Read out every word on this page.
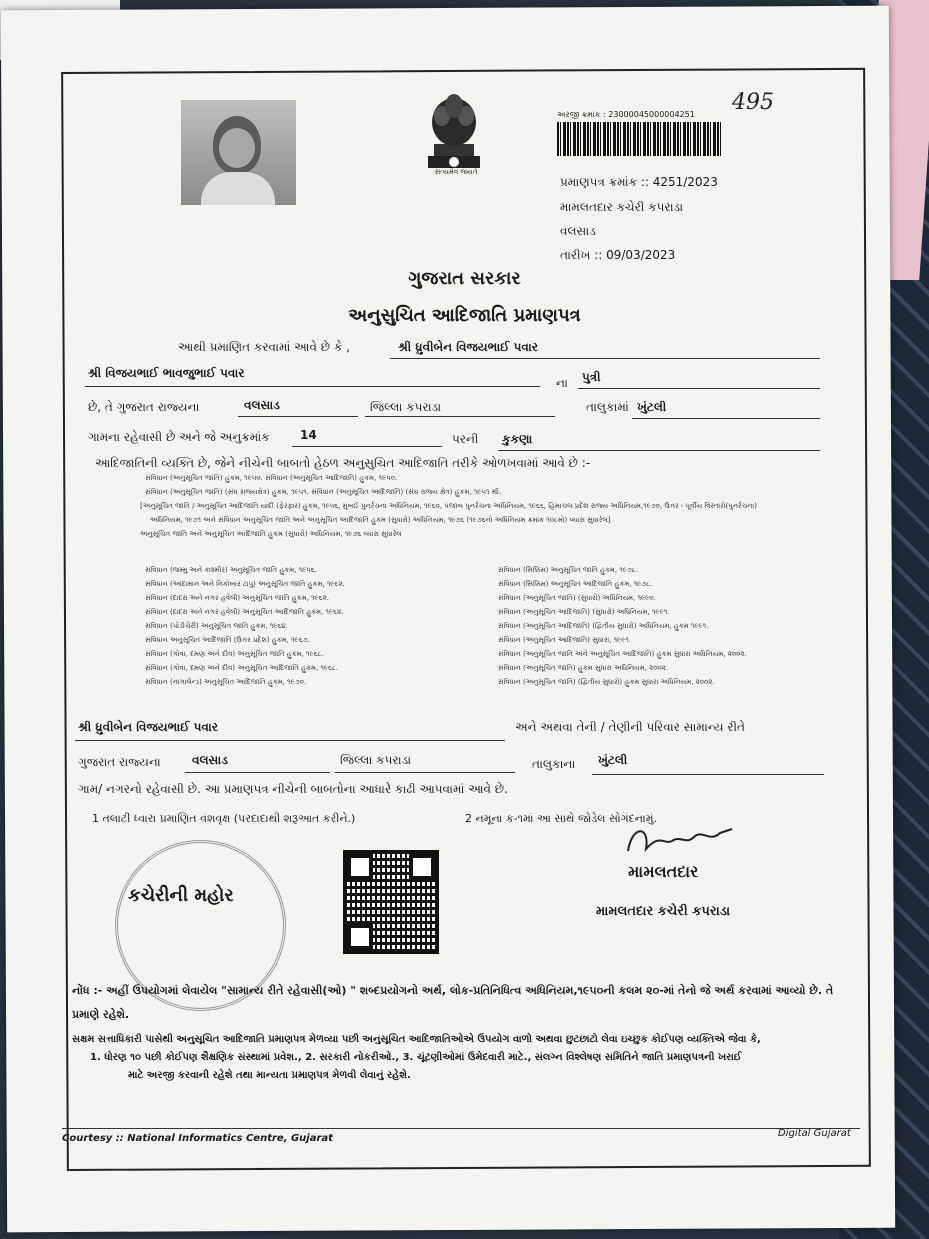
સત્યમેવ જયતે
495
અરજી ક્રમાંક : 23000045000004251
પ્રમાણપત્ર ક્રમાંક :: 4251/2023
મામલતદાર કચેરી કપરાડા
વલસાડ
તારીખ :: 09/03/2023
ગુજરાત સરકાર
અનુસુચિત આદિજાતિ પ્રમાણપત્ર
આથી પ્રમાણિત કરવામાં આવે છે કે ,	શ્રી ધ્રુવીબેન વિજયભાઈ પવાર
શ્રી વિજયભાઈ ભાવજુભાઈ પવાર
ના પુત્રી
છે, તે ગુજરાત રાજ્યના	વલસાડ	જિલ્લા કપરાડા	તાલુકામાં ખુંટલી
ગામના રહેવાસી છે અને જે અનુક્રમાંક	14	પરની કુકણા
આદિજાતિની વ્યક્તિ છે, જેને નીચેની બાબતો હેઠળ અનુસુચિત આદિજાતિ તરીકે ઓળખવામાં આવે છે :-
સંવિધાન (અનુસૂચિત જાતિ) હુકમ, ૧૯૫૦. સંવિધાન (અનુસૂચિત આદિજાતિ) હુકમ, ૧૯૫૦.
સંવિધાન (અનુસૂચિત જાતિ) (સંઘ રાજ્યક્ષેત્ર) હુકમ, ૧૯૫૧. સંવિધાન (અનુસૂચિત આદિજાતિ) (સંઘ રાજ્ય ક્ષેત્ર) હુકમ, ૧૯૫૧ થી.
[અનુસૂચિત જાતિ / અનુસૂચિત આદિજાતિ યાદી (ફેરફાર) હુકમ, ૧૯૫૬, મુંબઈ પુનર્રચના અધિનિયમ, ૧૯૬૦, પંજાબ પુનર્રચના અધિનિયમ, ૧૯૬૬, હિમાચલ પ્રદેશ રાજ્ય અધિનિયમ,૧૯૭૦, ઉત્તર - પૂર્વીય વિસ્તારો(પુનર્રચના)
અધિનિયમ, ૧૯૭૧ અને સંવિધાન અનુસૂચિત જાતિ અને અનુસૂચિત આદિજાતિ હુકમ (સુધારો) અધિનિયમ, ૧૯૭૬ (૧૯૭૬નો અધિનિયમ ક્રમાંક ૧૦૮મો) વ્યારા સુધારેલ]
અનુસૂચિત જાતિ અને અનુસૂચિત આદિજાતિ હુકમ (સુધારો) અધિનિયમ, ૧૯૭૬ વ્યારા સુધારેલ
સંવિધાન (જમ્મુ અને કાશ્મીર) અનુસૂચિત જાતિ હુકમ, ૧૯૫૬.
સંવિધાન (આંદામાન અને નિકોબાર ટાપુ) અનુસૂચિત જાતિ હુકમ, ૧૯૬૨.
સંવિધાન (દાદરા અને નગર હવેલી) અનુસૂચિત જાતિ હુકમ, ૧૯૬૨.
સંવિધાન (દાદરા અને નગર હવેલી) અનુસૂચિત આદિજાતિ હુકમ, ૧૯૬૨.
સંવિધાન (પોંડીચેરી) અનુસૂચિત જાતિ હુકમ, ૧૯૬૪.
સંવિધાન અનુસૂચિત આદિજાતિ (ઉત્તર પ્રદેશ) હુકમ, ૧૯૬૭.
સંવિધાન (ગોવા, દમણ અને દીવ) અનુસૂચિત જાતિ હુકમ, ૧૯૬૮.
સંવિધાન (ગોવા, દમણ અને દીવ) અનુસૂચિત આદિજાતિ હુકમ, ૧૯૬૮.
સંવિધાન (નાગાલેન્ડ) અનુસૂચિત આદિજાતિ હુકમ, ૧૯૭૦.
સંવિધાન (સિક્કિમ) અનુસૂચિત જાતિ હુકમ, ૧૯૭૮.
સંવિધાન (સિક્કિમ) અનુસૂચિત આદિજાતિ હુકમ, ૧૯૭૮.
સંવિધાન (અનુસૂચિત જાતિ) (સુધારો) અધિનિયમ, ૧૯૯૦.
સંવિધાન (અનુસૂચિત આદિજાતિ) (સુધારો) અધિનિયમ, ૧૯૯૧.
સંવિધાન (અનુસૂચિત આદિજાતિ) (દ્વિતીય સુધારો) અધિનિયમ, હુકમ ૧૯૯૧.
સંવિધાન (અનુસૂચિત આદિજાતિ) સુધારા, ૧૯૯૧.
સંવિધાન (અનુસૂચિત જાતિ અને અનુસૂચિત આદિજાતિ) હુકમ સુધારા અધિનિયમ, ૨૦૦૨.
સંવિધાન (અનુસૂચિત જાતિ) હુકમ સુધારા અધિનિયમ, ૨૦૦૨.
સંવિધાન (અનુસૂચિત જાતિ) (દ્વિતીય સુધારો) હુકમ સુધારા અધિનિયમ, ૨૦૦૨.
શ્રી ધ્રુવીબેન વિજયભાઈ પવાર	અને અથવા તેની / તેણીની પરિવાર સામાન્ય રીતે
ગુજરાત રાજ્યના	વલસાડ	જિલ્લા કપરાડા	તાલુકાના ખુંટલી
ગામ/ નગરનો રહેવાસી છે. આ પ્રમાણપત્ર નીચેની બાબતોના આધારે કાઢી આપવામાં આવે છે.
1 તલાટી ધ્વારા પ્રમાણિત વંશવૃક્ષ (પરદાદાથી શરૂઆત કરીને.)	2 નમૂના ક-૧માં આ સાથે જોડેલ સોગંદનામું.
કચેરીની મહોર
મામલતદાર
મામલતદાર કચેરી કપરાડા
નોંધ :- અહીં ઉપયોગમાં લેવાયેલ "સામાન્ય રીતે રહેવાસી(ઓ) " શબ્દપ્રયોગનો અર્થ, લોક-પ્રતિનિધિત્વ અધિનિયમ,૧૯૫૦ની કલમ ૨૦-માં તેનો જે અર્થ કરવામાં આવ્યો છે. તે
પ્રમાણે રહેશે.
સક્ષમ સત્તાધિકારી પાસેથી અનુસૂચિત આદિજાતિ પ્રમાણપત્ર મેળવ્યા પછી અનુસૂચિત આદિજાતિઓએ ઉપયોગ વાળો અથવા છુટછાટો લેવા ઇચ્છુક કોઈપણ વ્યક્તિએ જેવા કે,
1. ધોરણ ૧૦ પછી કોઈપણ શૈક્ષણિક સંસ્થામાં પ્રવેશ., 2. સરકારી નોકરીઓ., 3. ચૂંટણીઓમાં ઉમેદવારી માટે., સંલગ્ન વિશ્લેષણ સમિતિને જાતિ પ્રમાણપત્રની ખરાઈ
માટે અરજી કરવાની રહેશે તથા માન્યતા પ્રમાણપત્ર મેળવી લેવાનું રહેશે.
Courtesy :: National Informatics Centre, Gujarat	Digital Gujarat
